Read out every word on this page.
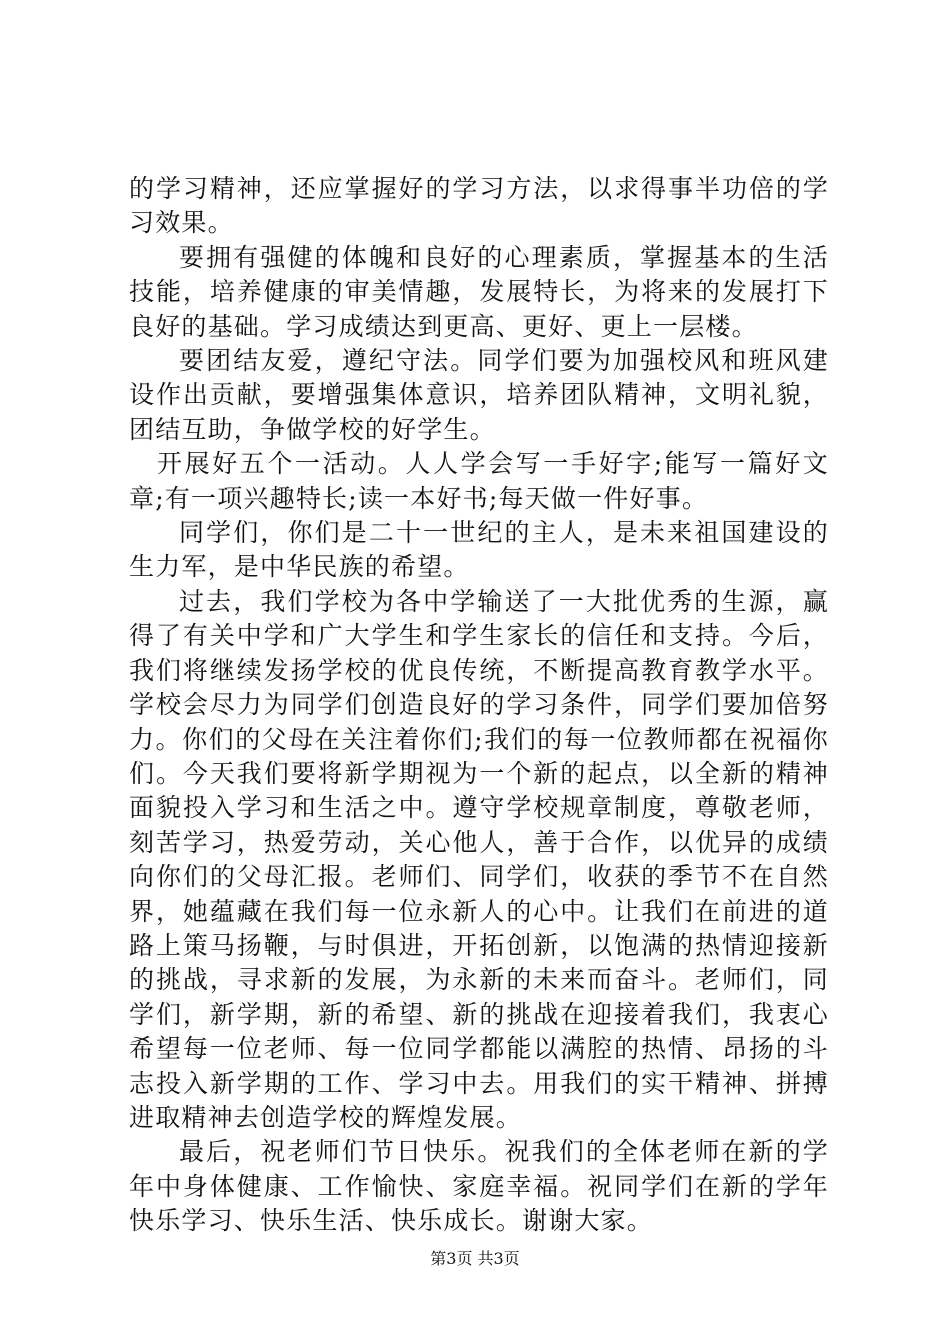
的学习精神，还应掌握好的学习方法，以求得事半功倍的学习效果。

要拥有强健的体魄和良好的心理素质，掌握基本的生活技能，培养健康的审美情趣，发展特长，为将来的发展打下良好的基础。学习成绩达到更高、更好、更上一层楼。

要团结友爱，遵纪守法。同学们要为加强校风和班风建设作出贡献，要增强集体意识，培养团队精神，文明礼貌，团结互助，争做学校的好学生。

开展好五个一活动。人人学会写一手好字;能写一篇好文章;有一项兴趣特长;读一本好书;每天做一件好事。

同学们，你们是二十一世纪的主人，是未来祖国建设的生力军，是中华民族的希望。

过去，我们学校为各中学输送了一大批优秀的生源，赢得了有关中学和广大学生和学生家长的信任和支持。今后，我们将继续发扬学校的优良传统，不断提高教育教学水平。学校会尽力为同学们创造良好的学习条件，同学们要加倍努力。你们的父母在关注着你们;我们的每一位教师都在祝福你们。今天我们要将新学期视为一个新的起点，以全新的精神面貌投入学习和生活之中。遵守学校规章制度，尊敬老师，刻苦学习，热爱劳动，关心他人，善于合作，以优异的成绩向你们的父母汇报。老师们、同学们，收获的季节不在自然界，她蕴藏在我们每一位永新人的心中。让我们在前进的道路上策马扬鞭，与时俱进，开拓创新，以饱满的热情迎接新的挑战，寻求新的发展，为永新的未来而奋斗。老师们，同学们，新学期，新的希望、新的挑战在迎接着我们，我衷心希望每一位老师、每一位同学都能以满腔的热情、昂扬的斗志投入新学期的工作、学习中去。用我们的实干精神、拼搏进取精神去创造学校的辉煌发展。

最后，祝老师们节日快乐。祝我们的全体老师在新的学年中身体健康、工作愉快、家庭幸福。祝同学们在新的学年快乐学习、快乐生活、快乐成长。谢谢大家。

第3页 共3页
